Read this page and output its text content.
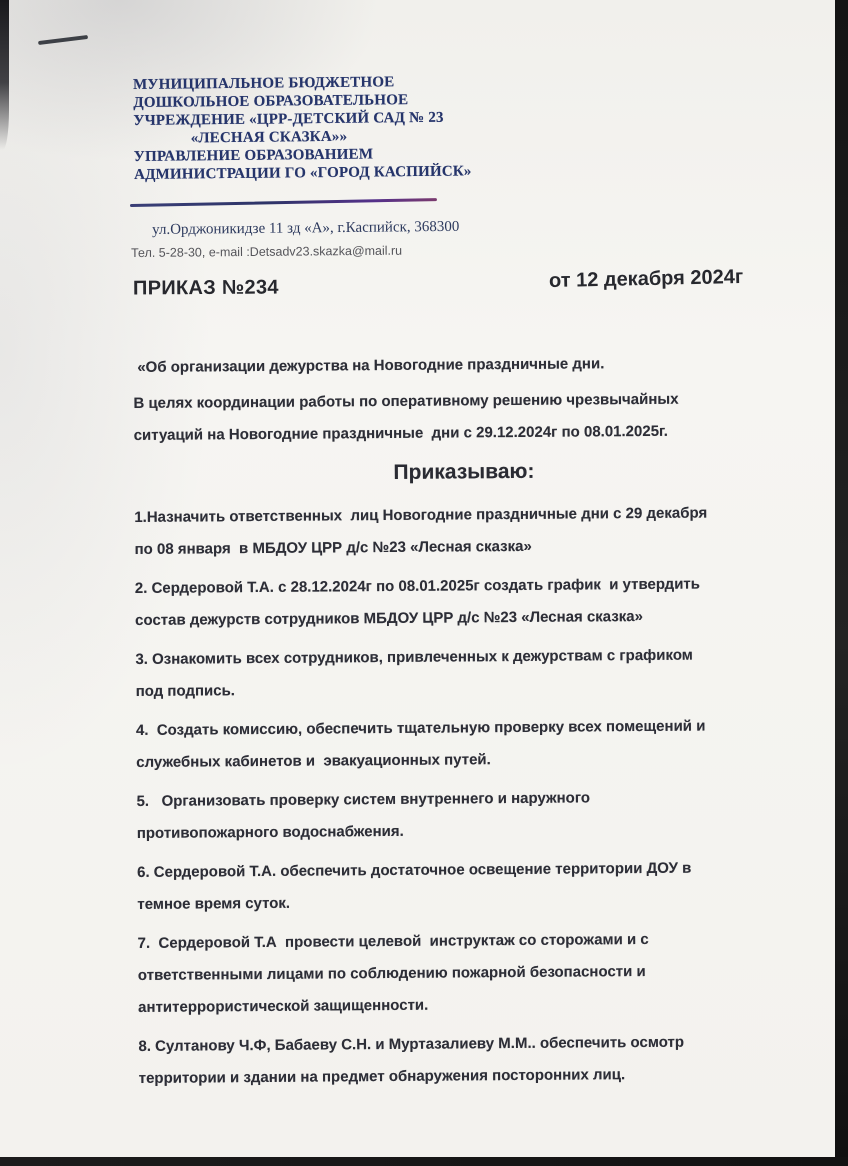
МУНИЦИПАЛЬНОЕ БЮДЖЕТНОЕ
ДОШКОЛЬНОЕ ОБРАЗОВАТЕЛЬНОЕ
УЧРЕЖДЕНИЕ «ЦРР-ДЕТСКИЙ САД № 23
«ЛЕСНАЯ СКАЗКА»»
УПРАВЛЕНИЕ ОБРАЗОВАНИЕМ
АДМИНИСТРАЦИИ ГО «ГОРОД КАСПИЙСК»
ул.Орджоникидзе 11 зд «А», г.Каспийск, 368300
Тел. 5-28-30, e-mail :Detsadv23.skazka@mail.ru
ПРИКАЗ №234	от 12 декабря 2024г

«Об организации дежурства на Новогодние праздничные дни.

В целях координации работы по оперативному решению чрезвычайных
ситуаций на Новогодние праздничные  дни с 29.12.2024г по 08.01.2025г.

Приказываю:

1.Назначить ответственных  лиц Новогодние праздничные дни с 29 декабря
по 08 января  в МБДОУ ЦРР д/с №23 «Лесная сказка»

2. Сердеровой Т.А. с 28.12.2024г по 08.01.2025г создать график  и утвердить
состав дежурств сотрудников МБДОУ ЦРР д/с №23 «Лесная сказка»

3. Ознакомить всех сотрудников, привлеченных к дежурствам с графиком
под подпись.

4.  Создать комиссию, обеспечить тщательную проверку всех помещений и
служебных кабинетов и  эвакуационных путей.

5.   Организовать проверку систем внутреннего и наружного
противопожарного водоснабжения.

6. Сердеровой Т.А. обеспечить достаточное освещение территории ДОУ в
темное время суток.

7.  Сердеровой Т.А  провести целевой  инструктаж со сторожами и с
ответственными лицами по соблюдению пожарной безопасности и
антитеррористической защищенности.

8. Султанову Ч.Ф, Бабаеву С.Н. и Муртазалиеву М.М.. обеспечить осмотр
территории и здании на предмет обнаружения посторонних лиц.
